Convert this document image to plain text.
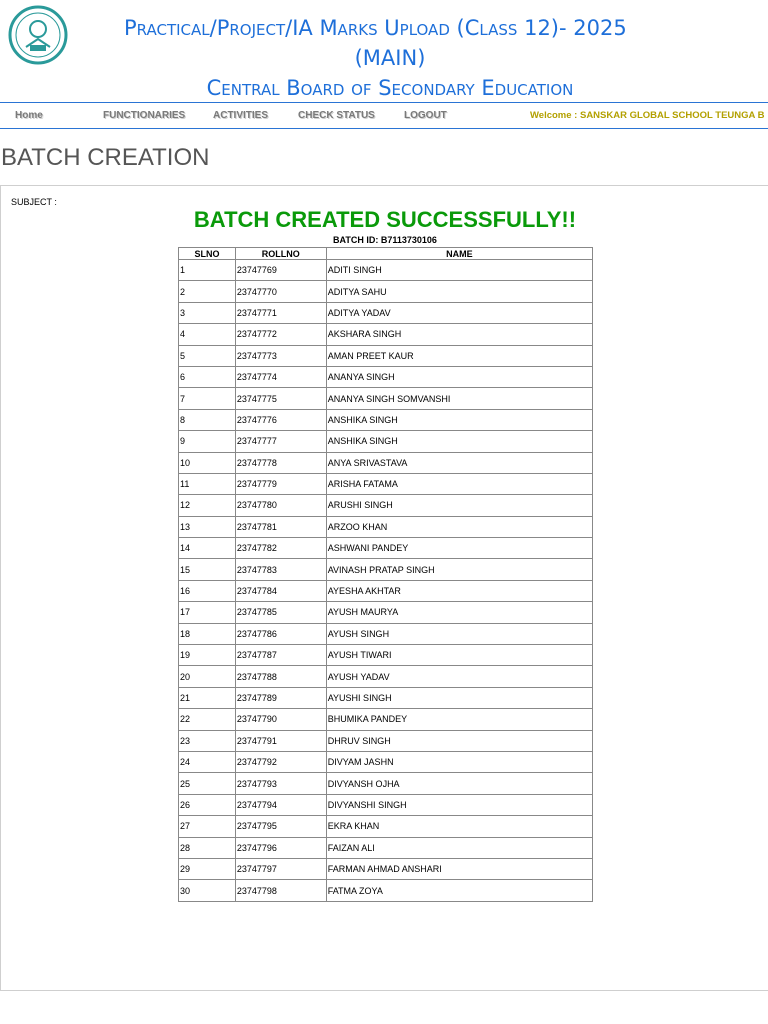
Practical/Project/IA Marks Upload (Class 12)- 2025
(MAIN)
Central Board of Secondary Education
Home	FUNCTIONARIES	ACTIVITIES	CHECK STATUS	LOGOUT	Welcome : SANSKAR GLOBAL SCHOOL TEUNGA B
BATCH CREATION
SUBJECT :
BATCH CREATED SUCCESSFULLY!!
BATCH ID: B7113730106
SLNO	ROLLNO	NAME
1	23747769	ADITI SINGH
2	23747770	ADITYA SAHU
3	23747771	ADITYA YADAV
4	23747772	AKSHARA SINGH
5	23747773	AMAN PREET KAUR
6	23747774	ANANYA SINGH
7	23747775	ANANYA SINGH SOMVANSHI
8	23747776	ANSHIKA SINGH
9	23747777	ANSHIKA SINGH
10	23747778	ANYA SRIVASTAVA
11	23747779	ARISHA FATAMA
12	23747780	ARUSHI SINGH
13	23747781	ARZOO KHAN
14	23747782	ASHWANI PANDEY
15	23747783	AVINASH PRATAP SINGH
16	23747784	AYESHA AKHTAR
17	23747785	AYUSH MAURYA
18	23747786	AYUSH SINGH
19	23747787	AYUSH TIWARI
20	23747788	AYUSH YADAV
21	23747789	AYUSHI SINGH
22	23747790	BHUMIKA PANDEY
23	23747791	DHRUV SINGH
24	23747792	DIVYAM JASHN
25	23747793	DIVYANSH OJHA
26	23747794	DIVYANSHI SINGH
27	23747795	EKRA KHAN
28	23747796	FAIZAN ALI
29	23747797	FARMAN AHMAD ANSHARI
30	23747798	FATMA ZOYA
